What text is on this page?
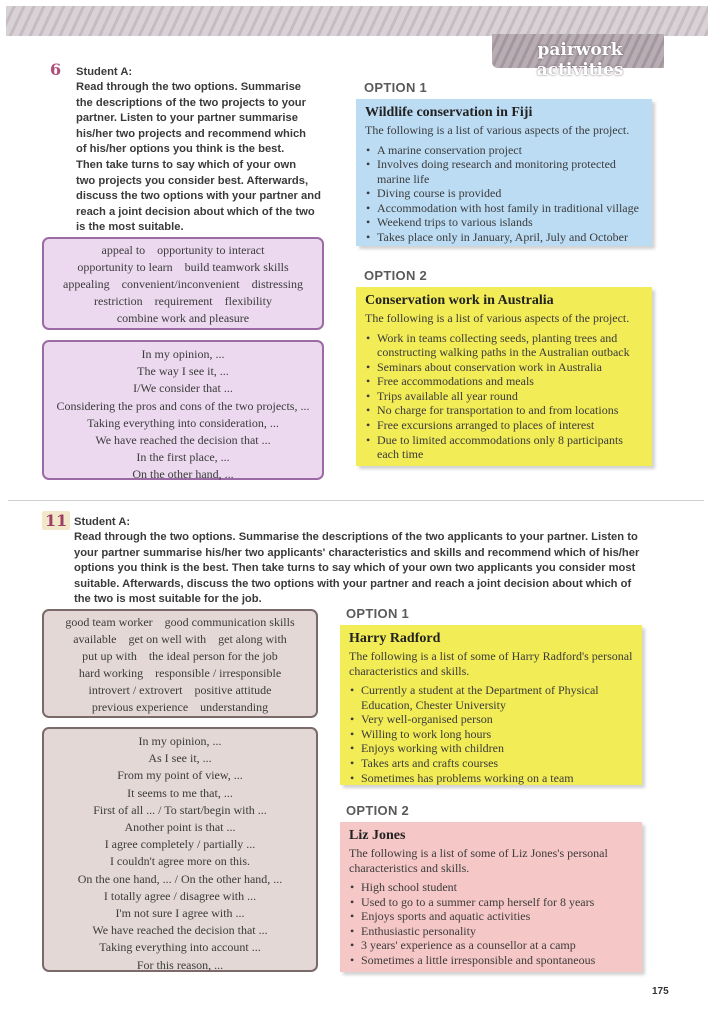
pairwork activities
6 Student A:
Read through the two options. Summarise
the descriptions of the two projects to your
partner. Listen to your partner summarise
his/her two projects and recommend which
of his/her options you think is the best.
Then take turns to say which of your own
two projects you consider best. Afterwards,
discuss the two options with your partner and
reach a joint decision about which of the two
is the most suitable.
appeal to    opportunity to interact
opportunity to learn    build teamwork skills
appealing    convenient/inconvenient    distressing
restriction    requirement    flexibility
combine work and pleasure
In my opinion, ...
The way I see it, ...
I/We consider that ...
Considering the pros and cons of the two projects, ...
Taking everything into consideration, ...
We have reached the decision that ...
In the first place, ...
On the other hand, ...
OPTION 1
Wildlife conservation in Fiji
The following is a list of various aspects of the project.
• A marine conservation project
• Involves doing research and monitoring protected marine life
• Diving course is provided
• Accommodation with host family in traditional village
• Weekend trips to various islands
• Takes place only in January, April, July and October
OPTION 2
Conservation work in Australia
The following is a list of various aspects of the project.
• Work in teams collecting seeds, planting trees and constructing walking paths in the Australian outback
• Seminars about conservation work in Australia
• Free accommodations and meals
• Trips available all year round
• No charge for transportation to and from locations
• Free excursions arranged to places of interest
• Due to limited accommodations only 8 participants each time
11 Student A:
Read through the two options. Summarise the descriptions of the two applicants to your partner. Listen to
your partner summarise his/her two applicants' characteristics and skills and recommend which of his/her
options you think is the best. Then take turns to say which of your own two applicants you consider most
suitable. Afterwards, discuss the two options with your partner and reach a joint decision about which of
the two is most suitable for the job.
good team worker    good communication skills
available    get on well with    get along with
put up with    the ideal person for the job
hard working    responsible / irresponsible
introvert / extrovert    positive attitude
previous experience    understanding
In my opinion, ...
As I see it, ...
From my point of view, ...
It seems to me that, ...
First of all ... / To start/begin with ...
Another point is that ...
I agree completely / partially ...
I couldn't agree more on this.
On the one hand, ... / On the other hand, ...
I totally agree / disagree with ...
I'm not sure I agree with ...
We have reached the decision that ...
Taking everything into account ...
For this reason, ...
OPTION 1
Harry Radford
The following is a list of some of Harry Radford's personal characteristics and skills.
• Currently a student at the Department of Physical Education, Chester University
• Very well-organised person
• Willing to work long hours
• Enjoys working with children
• Takes arts and crafts courses
• Sometimes has problems working on a team
OPTION 2
Liz Jones
The following is a list of some of Liz Jones's personal characteristics and skills.
• High school student
• Used to go to a summer camp herself for 8 years
• Enjoys sports and aquatic activities
• Enthusiastic personality
• 3 years' experience as a counsellor at a camp
• Sometimes a little irresponsible and spontaneous
175
